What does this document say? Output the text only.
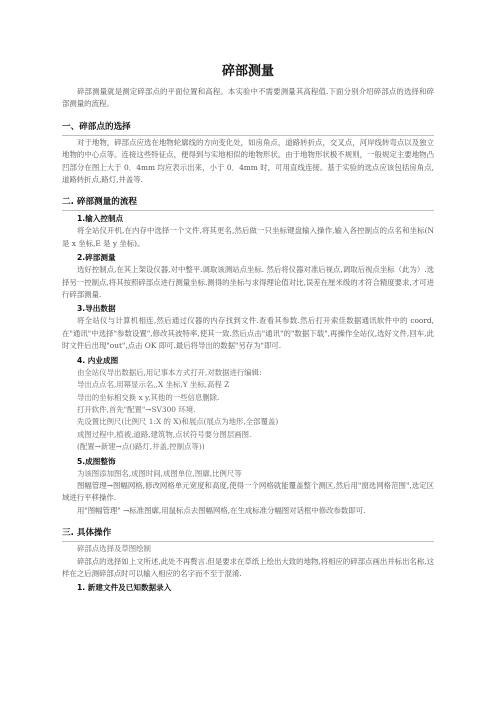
碎部测量

碎部测量就是测定碎部点的平面位置和高程。本实验中不需要测量其高程值.下面分别介绍碎部点的选择和碎部测量的流程。

一、碎部点的选择

对于地物，碎部点应选在地物轮廓线的方向变化处，如房角点，道路转折点，交叉点，河岸线转弯点以及独立地物的中心点等。连接这些特征点，便得到与实地相似的地物形状。由于地物形状极不规则，一般规定主要地物凸凹部分在图上大于 0．4mm 均应表示出来，小于 0．4mm 时，可用直线连接。基于实验的选点应该包括房角点,道路转折点,路灯,井盖等.

二. 碎部测量的流程
1.输入控制点

将全站仪开机,在内存中选择一个文件,将其更名,然后做一只坐标键盘输入操作,输入各控制点的点名和坐标(N 是 x 坐标,E 是 y 坐标)。

2.碎部测量

选好控制点,在其上架设仪器,对中整平.调取该测站点坐标. 然后将仪器对准后视点,调取后视点坐标（此为）.选择另一控制点,将其按照碎部点进行测量坐标.测得的坐标与求得理论值对比,误差在厘米级的才符合精度要求,才可进行碎部测量.

3.导出数据

将全站仪与计算机相连,然后通过仪器的内存找到文件.查看其参数.然后打开索佳数据通讯软件中的 coord,在"通讯"中选择"参数设置",修改其波特率,使其一致.然后点击"通讯"的"数据下载",再操作全站仪,选好文件,回车,此时文件后出现"out",点击 OK 即可.最后将导出的数据"另存为"即可.

4. 内业成图

由全站仪导出数据后,用记事本方式打开,对数据进行编辑:

导出点点名,用幂显示名,,X 坐标,Y 坐标,高程 Z

导出的坐标相交换 x y,其他的一些信息删除.

打开软件,首先"配置"→SV300 环境.

先设置比例尺(比例尺 1:X 的 X)和展点(展点为地形,全部覆盖)

成图过程中,植被,道路,建筑物,点状符号要分图层画图.

(配置→新建→点()路灯,井盖,控制点等))

5.成图整饰

为该图添加图名,成图时间,成图单位,图廓,比例尺等

图幅管理→图幅网格,修改网格单元宽度和高度,使得一个网格就能覆盖整个测区,然后用"窗选网格范围",选定区域进行平移操作.

用"图幅管理" →标准图廓,用鼠标点去图幅网格,在生成标准分幅图对话框中修改参数即可.

三. 具体操作

碎部点选择及草图绘制

碎部点的选择如上文所述,此处不再赘言.但是要求在草纸上绘出大致的地物,将相应的碎部点画出并标出名称,这样在之后测碎部点时可以输入相应的名字而不至于混淆.

1. 新建文件及已知数据录入
